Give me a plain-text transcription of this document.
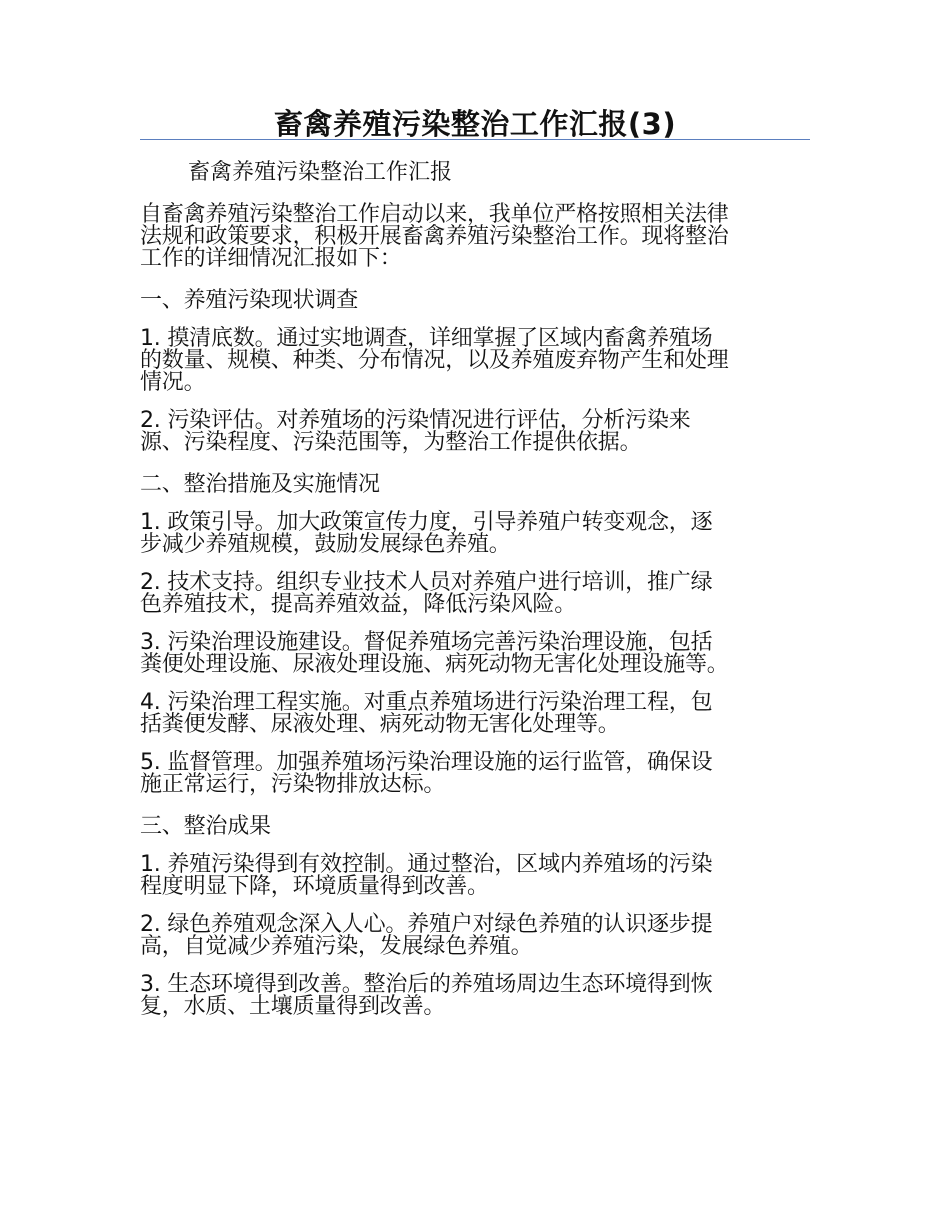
畜禽养殖污染整治工作汇报(3)
畜禽养殖污染整治工作汇报
自畜禽养殖污染整治工作启动以来，我单位严格按照相关法律
法规和政策要求，积极开展畜禽养殖污染整治工作。现将整治
工作的详细情况汇报如下：
一、养殖污染现状调查
1. 摸清底数。通过实地调查，详细掌握了区域内畜禽养殖场
的数量、规模、种类、分布情况，以及养殖废弃物产生和处理
情况。
2. 污染评估。对养殖场的污染情况进行评估，分析污染来
源、污染程度、污染范围等，为整治工作提供依据。
二、整治措施及实施情况
1. 政策引导。加大政策宣传力度，引导养殖户转变观念，逐
步减少养殖规模，鼓励发展绿色养殖。
2. 技术支持。组织专业技术人员对养殖户进行培训，推广绿
色养殖技术，提高养殖效益，降低污染风险。
3. 污染治理设施建设。督促养殖场完善污染治理设施，包括
粪便处理设施、尿液处理设施、病死动物无害化处理设施等。
4. 污染治理工程实施。对重点养殖场进行污染治理工程，包
括粪便发酵、尿液处理、病死动物无害化处理等。
5. 监督管理。加强养殖场污染治理设施的运行监管，确保设
施正常运行，污染物排放达标。
三、整治成果
1. 养殖污染得到有效控制。通过整治，区域内养殖场的污染
程度明显下降，环境质量得到改善。
2. 绿色养殖观念深入人心。养殖户对绿色养殖的认识逐步提
高，自觉减少养殖污染，发展绿色养殖。
3. 生态环境得到改善。整治后的养殖场周边生态环境得到恢
复，水质、土壤质量得到改善。
